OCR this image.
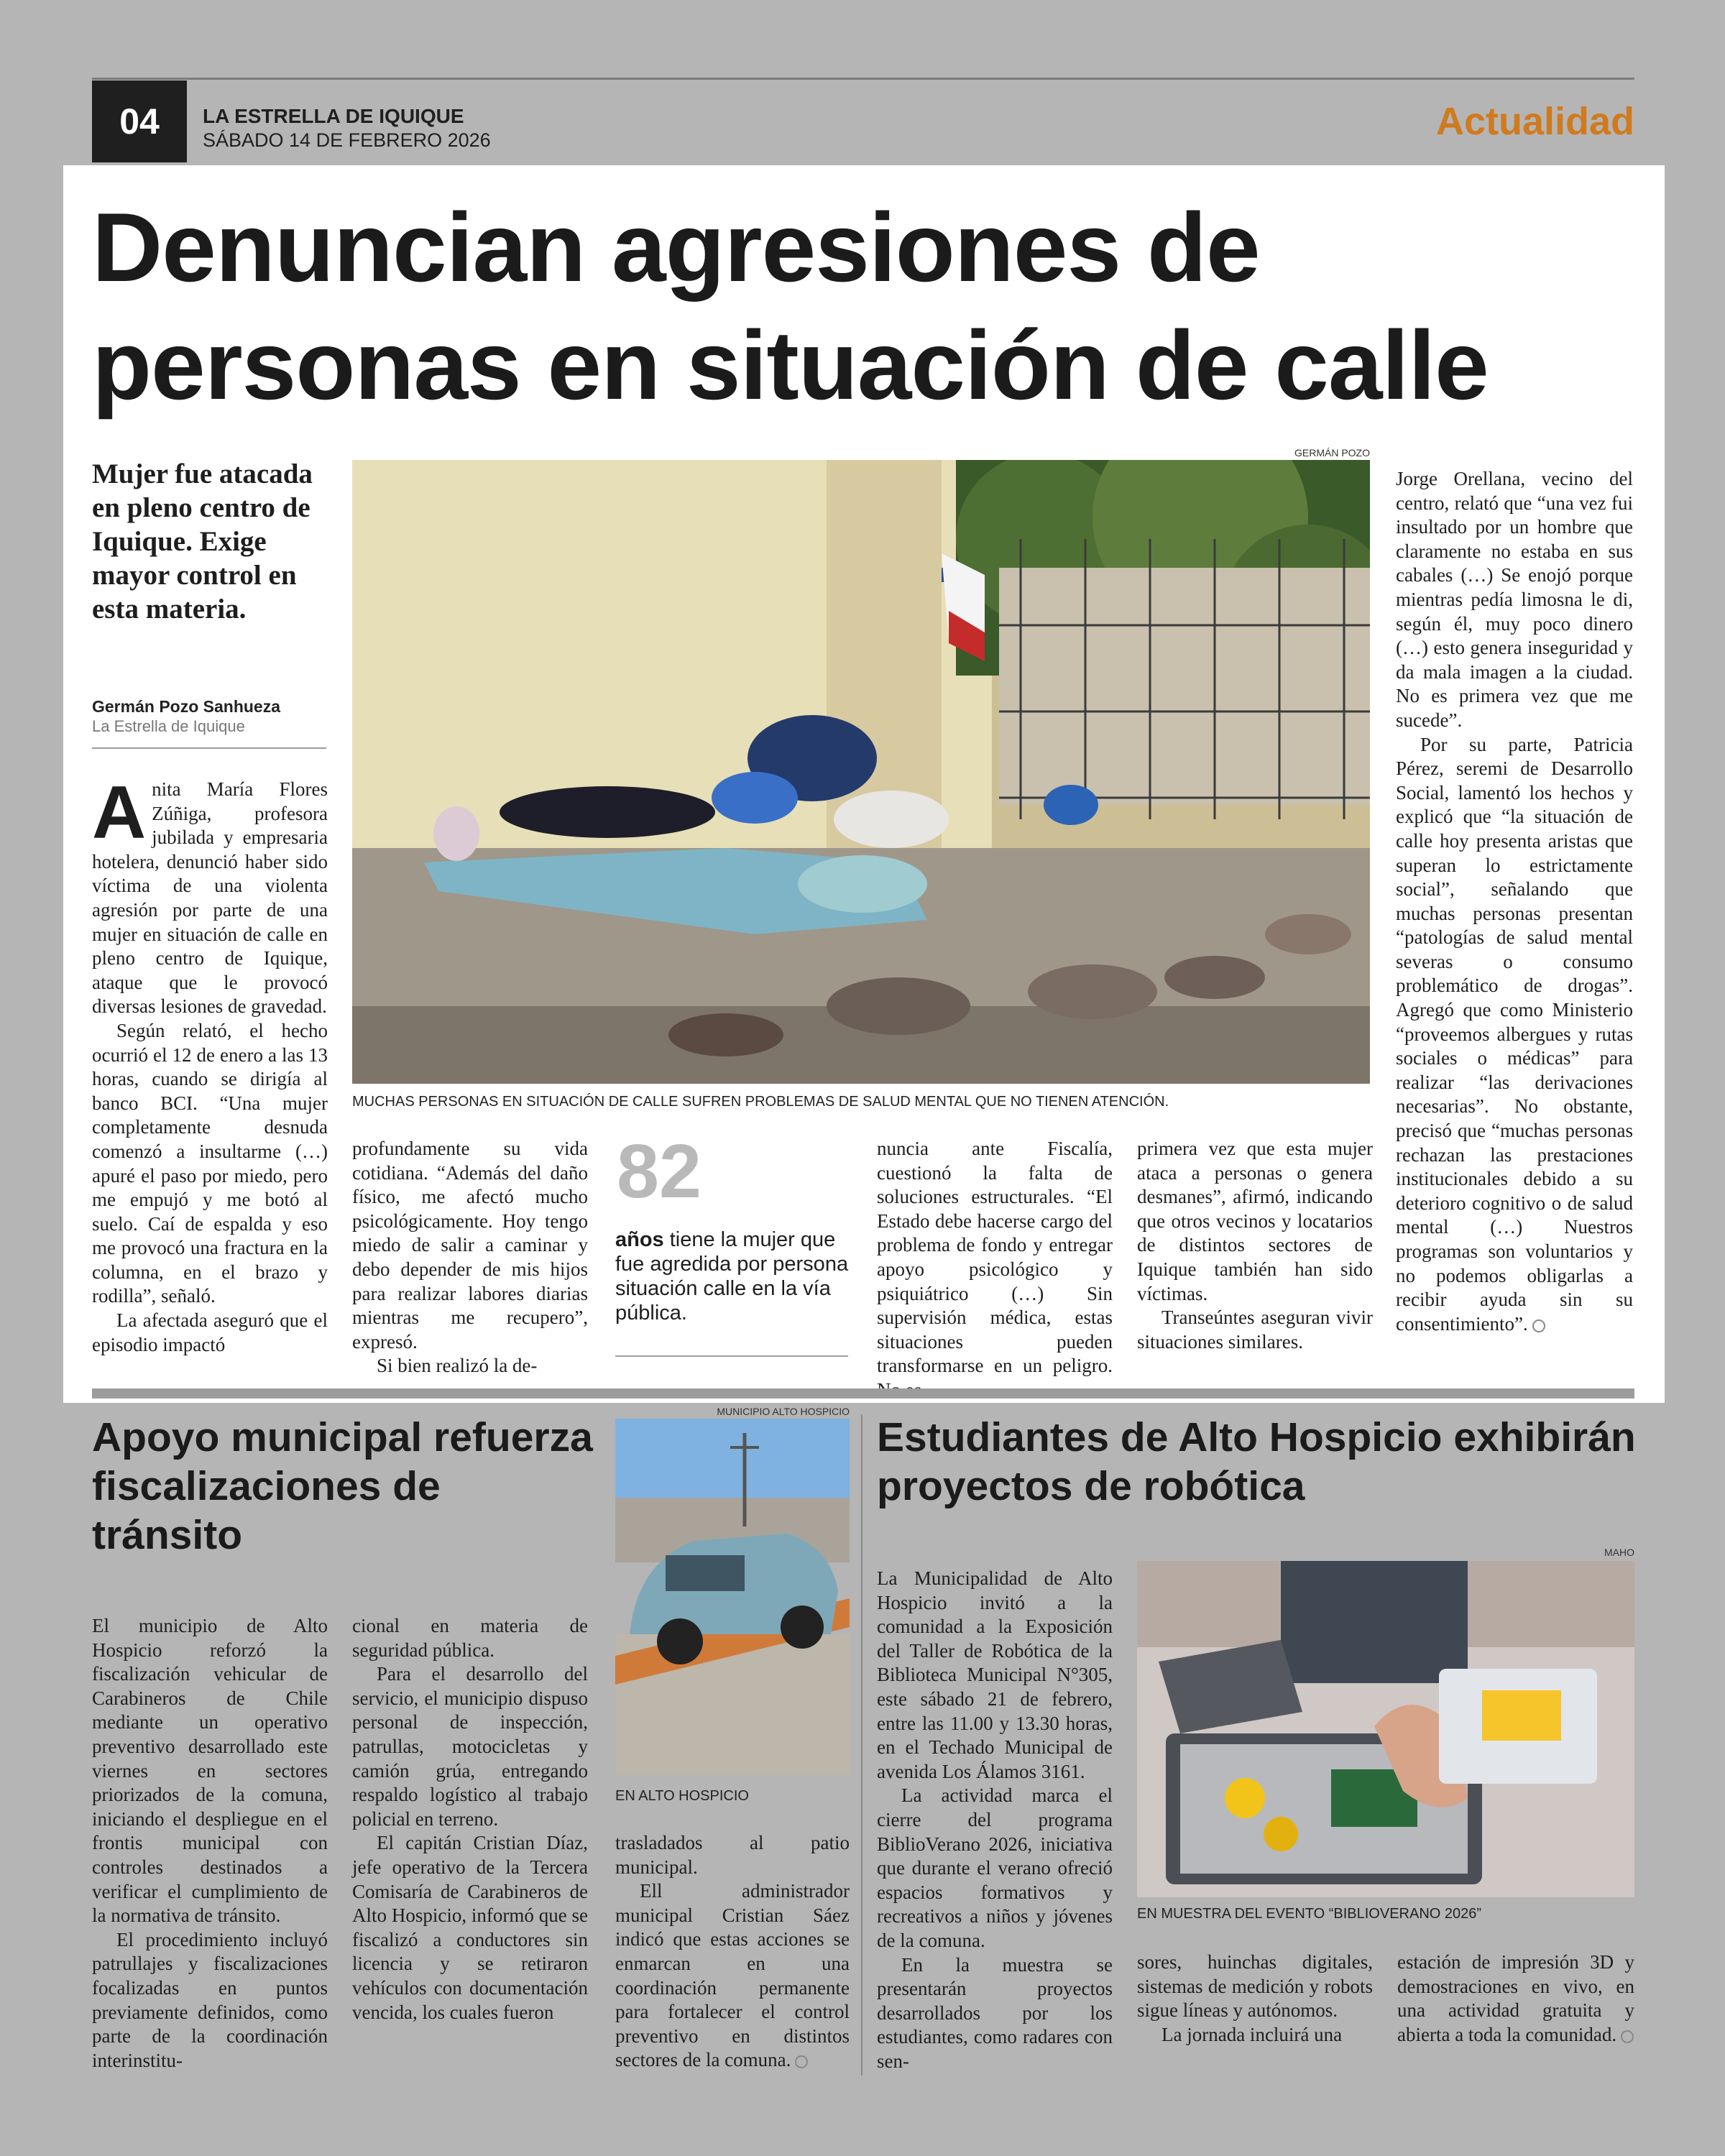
04	LA ESTRELLA DE IQUIQUE
SÁBADO 14 DE FEBRERO 2026	Actualidad
Denuncian agresiones de personas en situación de calle
Mujer fue atacada en pleno centro de Iquique. Exige mayor control en esta materia.
Germán Pozo Sanhueza
La Estrella de Iquique

Anita María Flores Zúñiga, profesora jubilada y empresaria hotelera, denunció haber sido víctima de una violenta agresión por parte de una mujer en situación de calle en pleno centro de Iquique, ataque que le provocó diversas lesiones de gravedad.

Según relató, el hecho ocurrió el 12 de enero a las 13 horas, cuando se dirigía al banco BCI. “Una mujer completamente desnuda comenzó a insultarme (…) apuré el paso por miedo, pero me empujó y me botó al suelo. Caí de espalda y eso me provocó una fractura en la columna, en el brazo y rodilla”, señaló.

La afectada aseguró que el episodio impactó

GERMÁN POZO
MUCHAS PERSONAS EN SITUACIÓN DE CALLE SUFREN PROBLEMAS DE SALUD MENTAL QUE NO TIENEN ATENCIÓN.

profundamente su vida cotidiana. “Además del daño físico, me afectó mucho psicológicamente. Hoy tengo miedo de salir a caminar y debo depender de mis hijos para realizar labores diarias mientras me recupero”, expresó.

Si bien realizó la de-

82
años tiene la mujer que fue agredida por persona situación calle en la vía pública.

nuncia ante Fiscalía, cuestionó la falta de soluciones estructurales. “El Estado debe hacerse cargo del problema de fondo y entregar apoyo psicológico y psiquiátrico (…) Sin supervisión médica, estas situaciones pueden transformarse en un peligro.

primera vez que esta mujer ataca a personas o genera desmanes”, afirmó, indicando que otros vecinos y locatarios de distintos sectores de Iquique también han sido víctimas.

Transeúntes aseguran vivir situaciones similares.

Jorge Orellana, vecino del centro, relató que “una vez fui insultado por un hombre que claramente no estaba en sus cabales (…) Se enojó porque mientras pedía limosna le di, según él, muy poco dinero (…) esto genera inseguridad y da mala imagen a la ciudad. No es primera vez que me sucede”.

Por su parte, Patricia Pérez, seremi de Desarrollo Social, lamentó los hechos y explicó que “la situación de calle hoy presenta aristas que superan lo estrictamente social”, señalando que muchas personas presentan “patologías de salud mental severas o consumo problemático de drogas”. Agregó que como Ministerio “proveemos albergues y rutas sociales o médicas” para realizar “las derivaciones necesarias”. No obstante, precisó que “muchas personas rechazan las prestaciones institucionales debido a su deterioro cognitivo o de salud mental (…) Nuestros programas son voluntarios y no podemos obligarlas a recibir ayuda sin su consentimiento”.

Apoyo municipal refuerza fiscalizaciones de tránsito

El municipio de Alto Hospicio reforzó la fiscalización vehicular de Carabineros de Chile mediante un operativo preventivo desarrollado este viernes en sectores priorizados de la comuna, iniciando el despliegue en el frontis municipal con controles destinados a verificar el cumplimiento de la normativa de tránsito.

El procedimiento incluyó patrullajes y fiscalizaciones focalizadas en puntos previamente definidos, como parte de la coordinación interinstitu-

cional en materia de seguridad pública.

Para el desarrollo del servicio, el municipio dispuso personal de inspección, patrullas, motocicletas y camión grúa, entregando respaldo logístico al trabajo policial en terreno.

El capitán Cristian Díaz, jefe operativo de la Tercera Comisaría de Carabineros de Alto Hospicio, informó que se fiscalizó a conductores sin licencia y se retiraron vehículos con documentación vencida, los cuales fueron

MUNICIPIO ALTO HOSPICIO
EN ALTO HOSPICIO

trasladados al patio municipal.

Ell administrador municipal Cristian Sáez indicó que estas acciones se enmarcan en una coordinación permanente para fortalecer el control preventivo en distintos sectores de la comuna.

Estudiantes de Alto Hospicio exhibirán proyectos de robótica

La Municipalidad de Alto Hospicio invitó a la comunidad a la Exposición del Taller de Robótica de la Biblioteca Municipal N°305, este sábado 21 de febrero, entre las 11.00 y 13.30 horas, en el Techado Municipal de avenida Los Álamos 3161.

La actividad marca el cierre del programa BiblioVerano 2026, iniciativa que durante el verano ofreció espacios formativos y recreativos a niños y jóvenes de la comuna.

En la muestra se presentarán proyectos desarrollados por los estudiantes, como radares con sen-

MAHO
EN MUESTRA DEL EVENTO “BIBLIOVERANO 2026”

sores, huinchas digitales, sistemas de medición y robots sigue líneas y autónomos.

La jornada incluirá una

estación de impresión 3D y demostraciones en vivo, en una actividad gratuita y abierta a toda la comunidad.
